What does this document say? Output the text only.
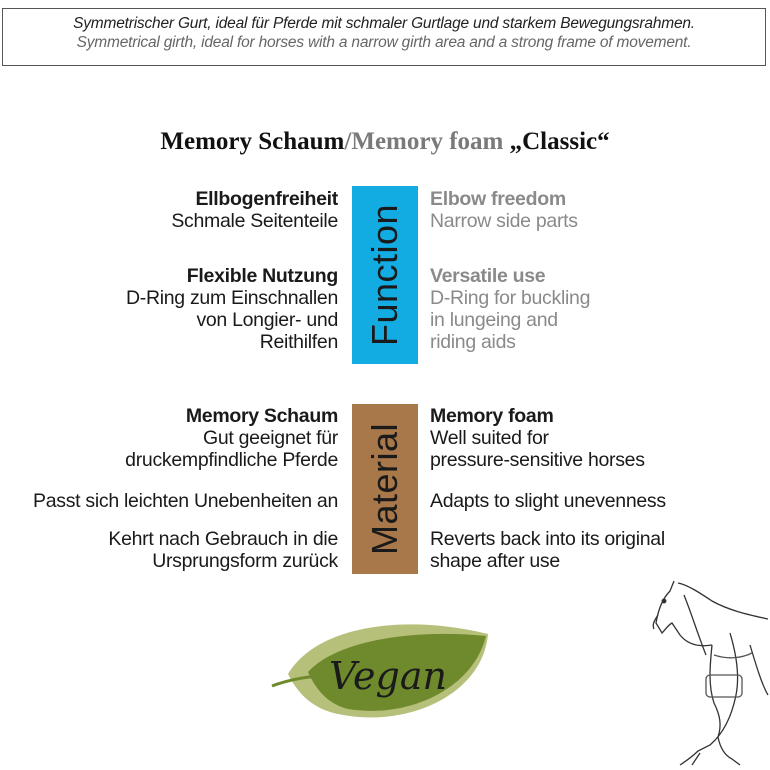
Symmetrischer Gurt, ideal für Pferde mit schmaler Gurtlage und starkem Bewegungsrahmen.
Symmetrical girth, ideal for horses with a narrow girth area and a strong frame of movement.
Memory Schaum/Memory foam „Classic“
Function
Ellbogenfreiheit
Schmale Seitenteile
Flexible Nutzung
D-Ring zum Einschnallen
von Longier- und
Reithilfen
Elbow freedom
Narrow side parts
Versatile use
D-Ring for buckling
in lungeing and
riding aids
Material
Memory Schaum
Gut geeignet für
druckempfindliche Pferde
Passt sich leichten Unebenheiten an
Kehrt nach Gebrauch in die
Ursprungsform zurück
Memory foam
Well suited for
pressure-sensitive horses
Adapts to slight unevenness
Reverts back into its original
shape after use
Vegan
